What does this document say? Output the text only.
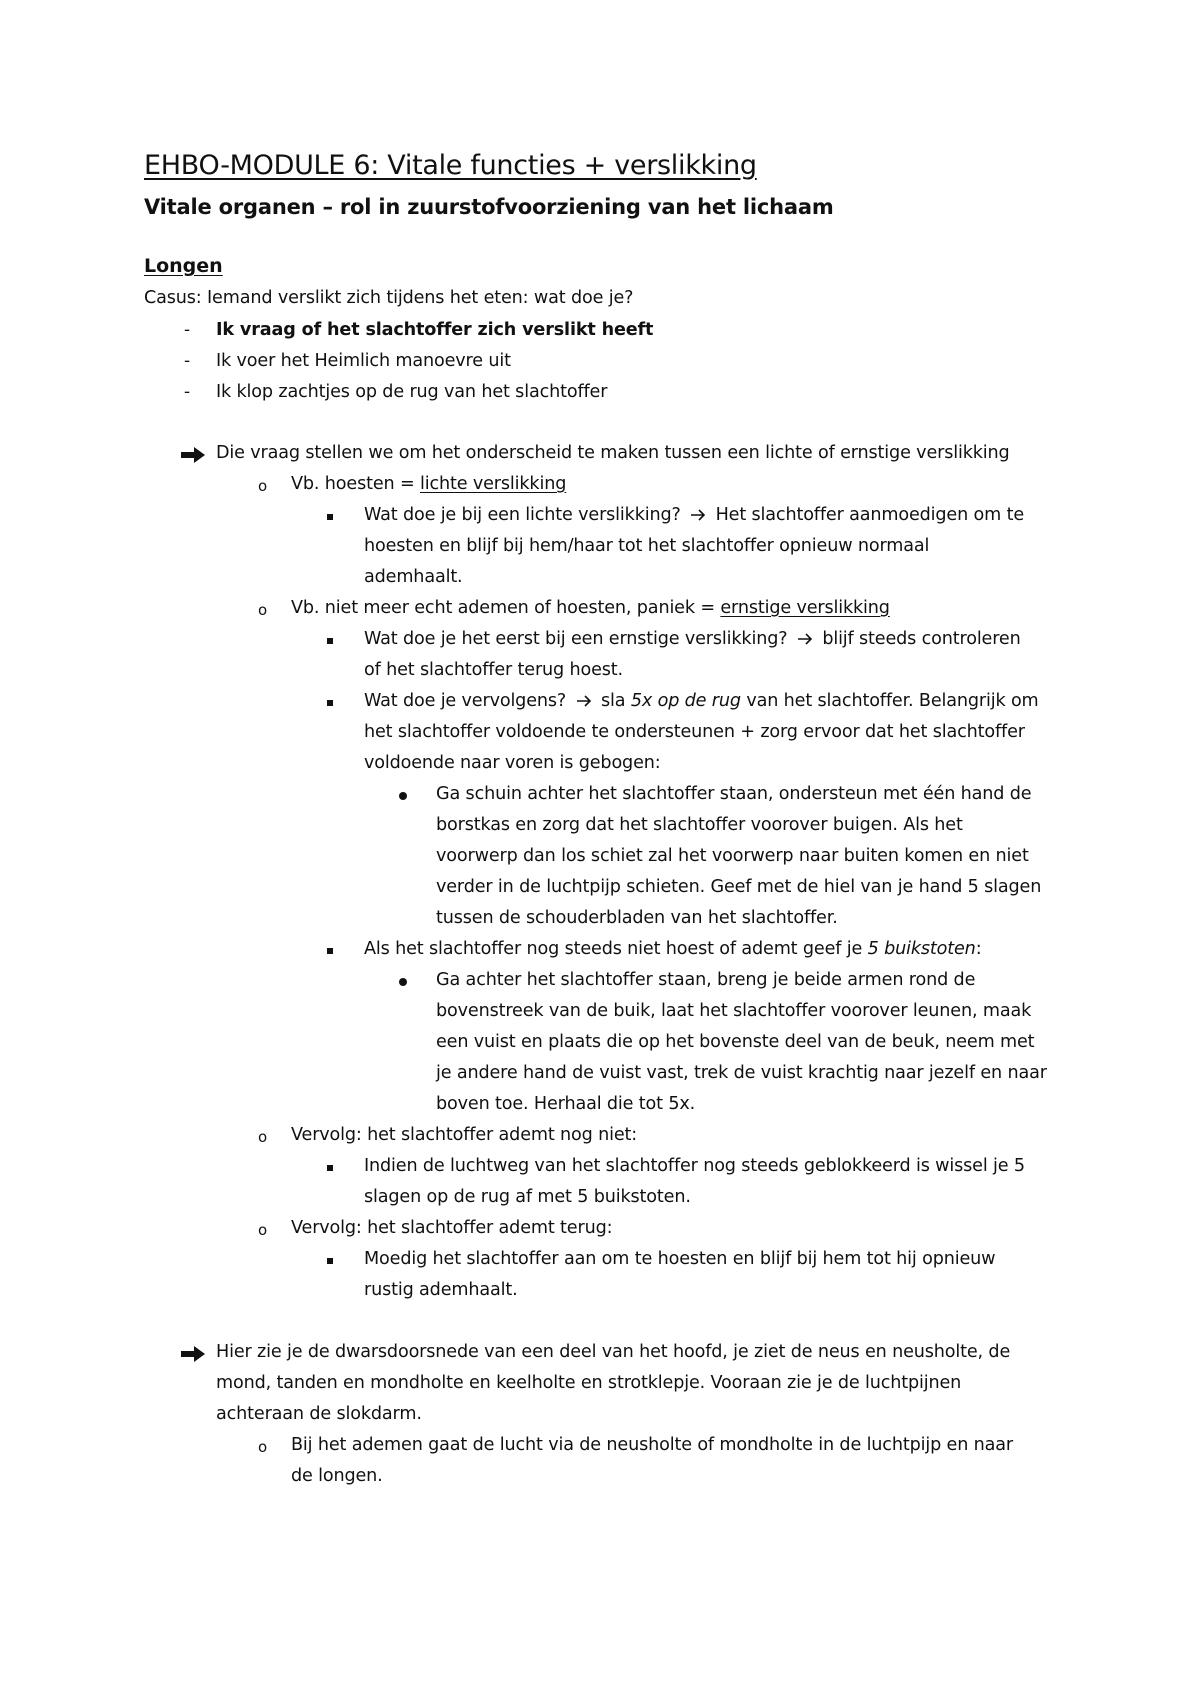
EHBO-MODULE 6: Vitale functies + verslikking
Vitale organen – rol in zuurstofvoorziening van het lichaam
Longen
Casus: Iemand verslikt zich tijdens het eten: wat doe je?
- Ik vraag of het slachtoffer zich verslikt heeft
- Ik voer het Heimlich manoevre uit
- Ik klop zachtjes op de rug van het slachtoffer
Die vraag stellen we om het onderscheid te maken tussen een lichte of ernstige verslikking
o Vb. hoesten = lichte verslikking
Wat doe je bij een lichte verslikking? Het slachtoffer aanmoedigen om te
hoesten en blijf bij hem/haar tot het slachtoffer opnieuw normaal
ademhaalt.
o Vb. niet meer echt ademen of hoesten, paniek = ernstige verslikking
Wat doe je het eerst bij een ernstige verslikking? blijf steeds controleren
of het slachtoffer terug hoest.
Wat doe je vervolgens? sla 5x op de rug van het slachtoffer. Belangrijk om
het slachtoffer voldoende te ondersteunen + zorg ervoor dat het slachtoffer
voldoende naar voren is gebogen:
Ga schuin achter het slachtoffer staan, ondersteun met één hand de
borstkas en zorg dat het slachtoffer voorover buigen. Als het
voorwerp dan los schiet zal het voorwerp naar buiten komen en niet
verder in de luchtpijp schieten. Geef met de hiel van je hand 5 slagen
tussen de schouderbladen van het slachtoffer.
Als het slachtoffer nog steeds niet hoest of ademt geef je 5 buikstoten:
Ga achter het slachtoffer staan, breng je beide armen rond de
bovenstreek van de buik, laat het slachtoffer voorover leunen, maak
een vuist en plaats die op het bovenste deel van de beuk, neem met
je andere hand de vuist vast, trek de vuist krachtig naar jezelf en naar
boven toe. Herhaal die tot 5x.
o Vervolg: het slachtoffer ademt nog niet:
Indien de luchtweg van het slachtoffer nog steeds geblokkeerd is wissel je 5
slagen op de rug af met 5 buikstoten.
o Vervolg: het slachtoffer ademt terug:
Moedig het slachtoffer aan om te hoesten en blijf bij hem tot hij opnieuw
rustig ademhaalt.
Hier zie je de dwarsdoorsnede van een deel van het hoofd, je ziet de neus en neusholte, de
mond, tanden en mondholte en keelholte en strotklepje. Vooraan zie je de luchtpijnen
achteraan de slokdarm.
o Bij het ademen gaat de lucht via de neusholte of mondholte in de luchtpijp en naar
de longen.
